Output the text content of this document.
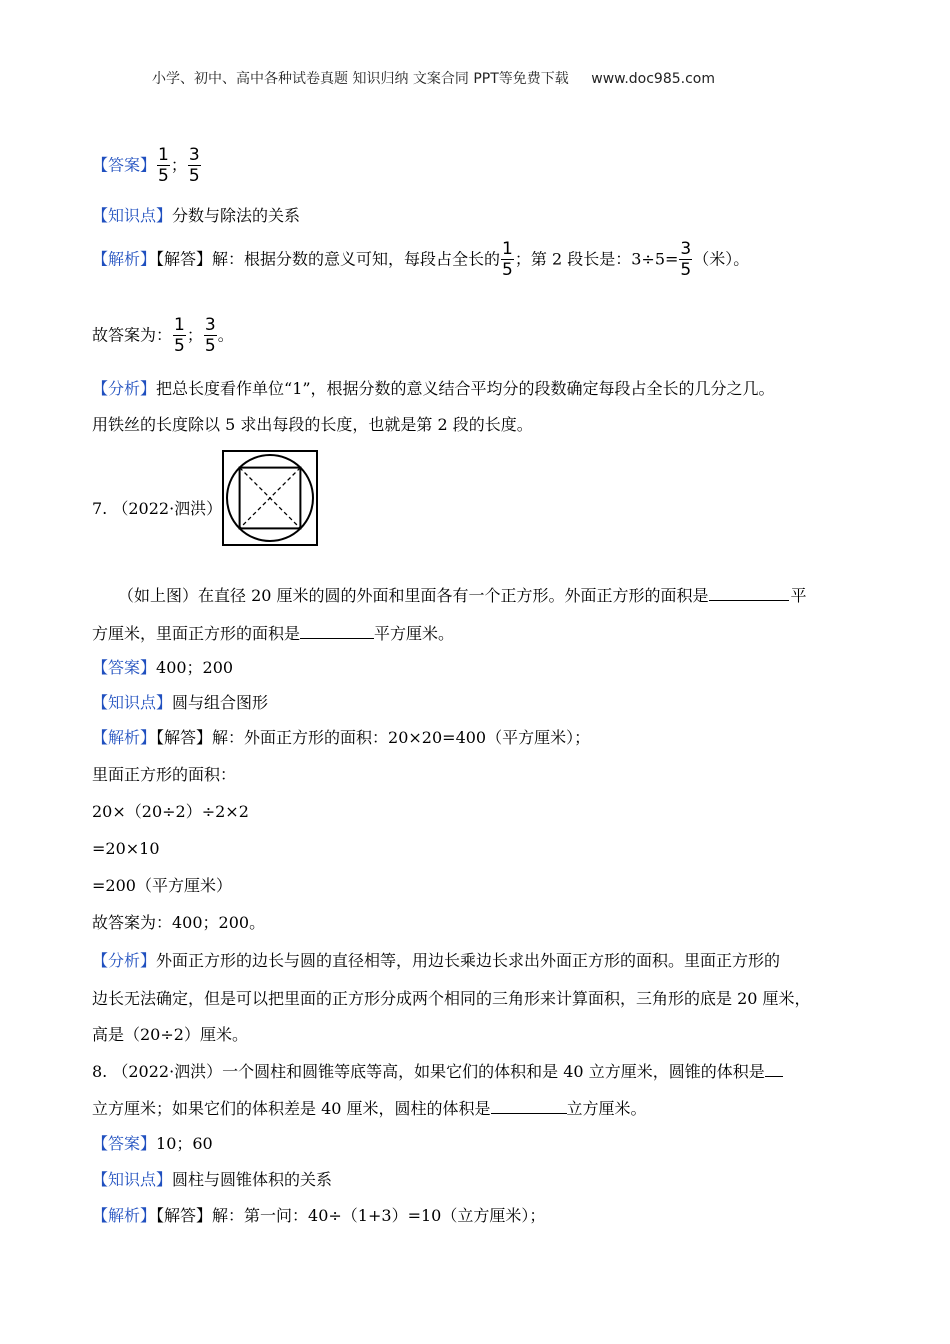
小学、初中、高中各种试卷真题 知识归纳 文案合同 PPT等免费下载 www.doc985.com
【答案】 $\frac{1}{5}$ ； $\frac{3}{5}$
【知识点】分数与除法的关系
【解析】【解答】解：根据分数的意义可知，每段占全长的 $\frac{1}{5}$ ；第 2 段长是：$3\div 5= \frac{3}{5}$ （米）。
故答案为： $\frac{1}{5}$ ； $\frac{3}{5}$ 。
【分析】把总长度看作单位“1”，根据分数的意义结合平均分的段数确定每段占全长的几分之几。
用铁丝的长度除以 5 求出每段的长度，也就是第 2 段的长度。
7. （2022·泗洪）
（如上图）在直径 20 厘米的圆的外面和里面各有一个正方形。外面正方形的面积是	平
方厘米，里面正方形的面积是	平方厘米。
【答案】400；200
【知识点】圆与组合图形
【解析】【解答】解：外面正方形的面积：20×20=400（平方厘米）；
里面正方形的面积：
20×（20÷2）÷2×2
=20×10
=200（平方厘米）
故答案为：400；200。
【分析】外面正方形的边长与圆的直径相等，用边长乘边长求出外面正方形的面积。里面正方形的
边长无法确定，但是可以把里面的正方形分成两个相同的三角形来计算面积，三角形的底是 20 厘米，
高是（20÷2）厘米。
8. （2022·泗洪）一个圆柱和圆锥等底等高，如果它们的体积和是 40 立方厘米，圆锥的体积是
立方厘米；如果它们的体积差是 40 厘米，圆柱的体积是	立方厘米。
【答案】10；60
【知识点】圆柱与圆锥体积的关系
【解析】【解答】解：第一问：40÷（1+3）=10（立方厘米）；
